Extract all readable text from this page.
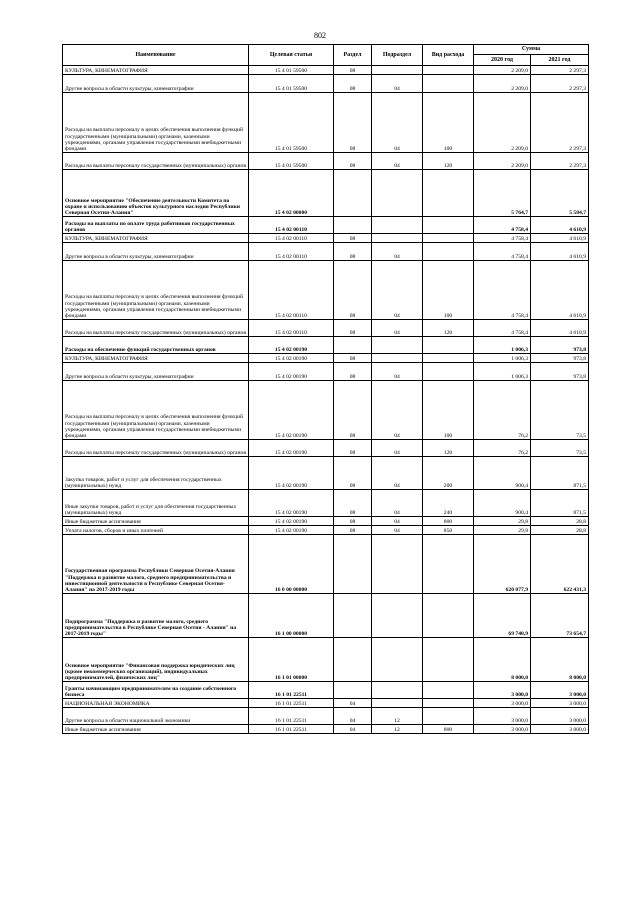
802
Наименование	Целевая статья	Раздел	Подраздел	Вид расхода	Сумма	
					2020 год	2021 год
КУЛЬТУРА, КИНЕМАТОГРАФИЯ	15 4 01 59500	08			2 209,0	2 297,3
Другие вопросы в области культуры, кинематографии	15 4 01 59500	08	04		2 209,0	2 297,3
Расходы на выплаты персоналу в целях обеспечения выполнения функций государственными (муниципальными) органами, казенными учреждениями, органами управления государственными внебюджетными фондами	15 4 01 59500	08	04	100	2 209,0	2 297,3
Расходы на выплаты персоналу государственных (муниципальных) органов	15 4 01 59500	08	04	120	2 209,0	2 297,3
Основное мероприятие "Обеспечение деятельности Комитета по охране и использованию объектов культурного наследия Республики Северная Осетия-Алания"	15 4 02 00000				5 764,7	5 584,7
Расходы на выплаты по оплате труда работников государственных органов	15 4 02 00110				4 758,4	4 610,9
КУЛЬТУРА, КИНЕМАТОГРАФИЯ	15 4 02 00110	08			4 758,4	4 610,9
Другие вопросы в области культуры, кинематографии	15 4 02 00110	08	04		4 758,4	4 610,9
Расходы на выплаты персоналу в целях обеспечения выполнения функций государственными (муниципальными) органами, казенными учреждениями, органами управления государственными внебюджетными фондами	15 4 02 00110	08	04	100	4 758,4	4 610,9
Расходы на выплаты персоналу государственных (муниципальных) органов	15 4 02 00110	08	04	120	4 758,4	4 610,9
Расходы на обеспечение функций государственных органов	15 4 02 00190				1 006,3	973,8
КУЛЬТУРА, КИНЕМАТОГРАФИЯ	15 4 02 00190	08			1 006,3	973,8
Другие вопросы в области культуры, кинематографии	15 4 02 00190	08	04		1 006,3	973,8
Расходы на выплаты персоналу в целях обеспечения выполнения функций государственными (муниципальными) органами, казенными учреждениями, органами управления государственными внебюджетными фондами	15 4 02 00190	08	04	100	76,2	73,5
Расходы на выплаты персоналу государственных (муниципальных) органов	15 4 02 00190	08	04	120	76,2	73,5
Закупка товаров, работ и услуг для обеспечения государственных (муниципальных) нужд	15 4 02 00190	08	04	200	900,4	871,5
Иные закупки товаров, работ и услуг для обеспечения государственных (муниципальных) нужд	15 4 02 00190	08	04	240	900,4	871,5
Иные бюджетные ассигнования	15 4 02 00190	08	04	800	29,8	28,8
Уплата налогов, сборов и иных платежей	15 4 02 00190	08	04	850	29,8	28,8
Государственная программа Республики Северная Осетия-Алания "Поддержка и развитие малого, среднего предпринимательства и инвестиционной деятельности в Республике Северная Осетия-Алания" на 2017-2019 годы	16 0 00 00000				620 077,9	622 431,3
Подпрограмма "Поддержка и развитие малого, среднего предпринимательства в Республике Северная Осетия - Алания" на 2017-2019 годы"	16 1 00 00000				69 740,9	73 654,7
Основное мероприятие "Финансовая поддержка юридических лиц (кроме некоммерческих организаций), индивидуальных предпринимателей, физических лиц"	16 1 01 00000				8 000,0	8 000,0
Гранты начинающим предпринимателям на создание собственного бизнеса	16 1 01 22511				3 000,0	3 000,0
НАЦИОНАЛЬНАЯ ЭКОНОМИКА	16 1 01 22511	04			3 000,0	3 000,0
Другие вопросы в области национальной экономики	16 1 01 22511	04	12		3 000,0	3 000,0
Иные бюджетные ассигнования	16 1 01 22511	04	12	800	3 000,0	3 000,0
